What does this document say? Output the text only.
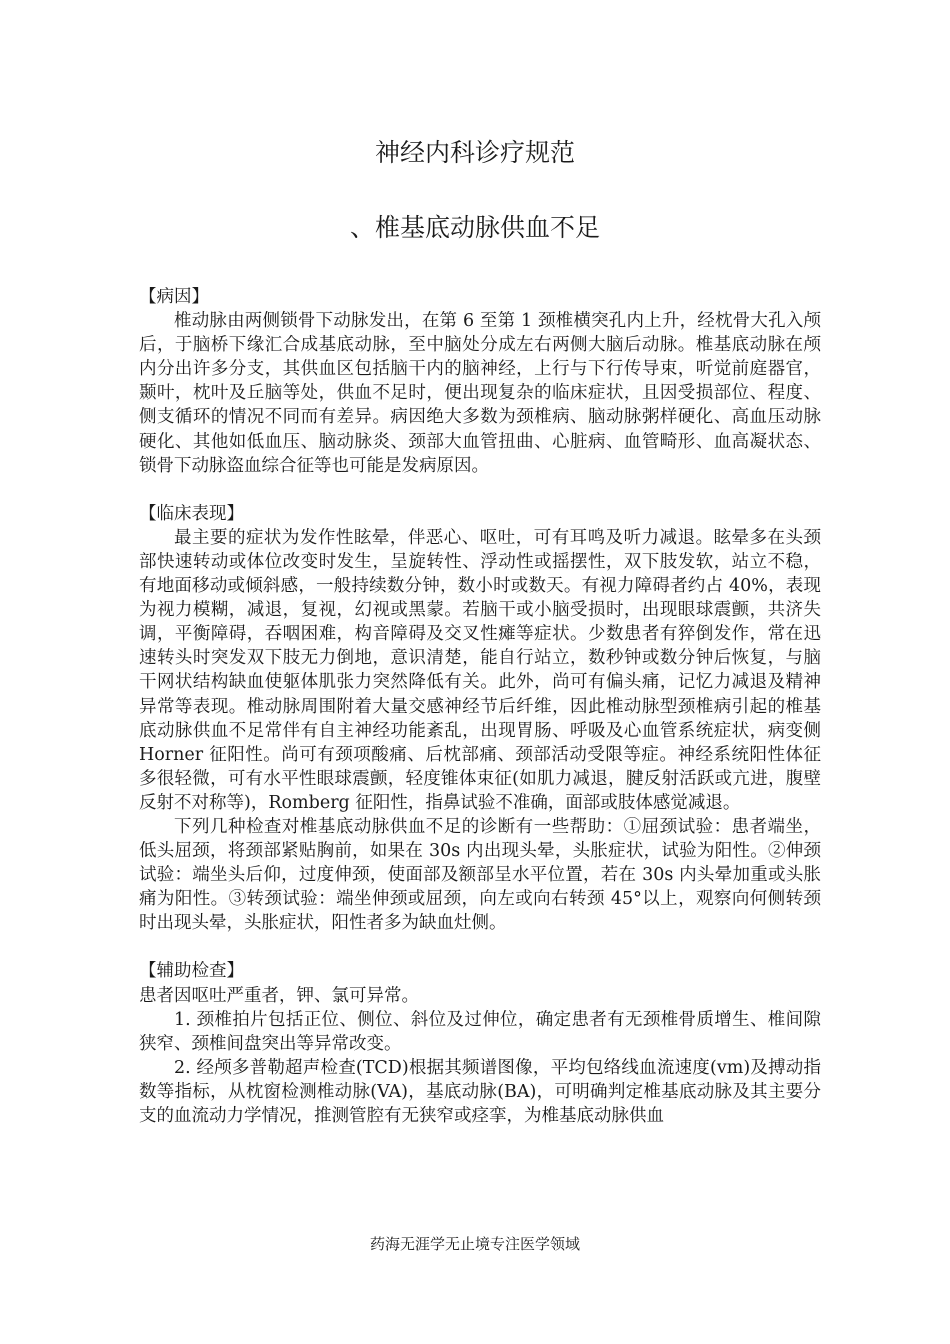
神经内科诊疗规范
、椎基底动脉供血不足

【病因】

椎动脉由两侧锁骨下动脉发出，在第 6 至第 1 颈椎横突孔内上升，经枕骨大孔入颅后，于脑桥下缘汇合成基底动脉，至中脑处分成左右两侧大脑后动脉。椎基底动脉在颅内分出许多分支，其供血区包括脑干内的脑神经，上行与下行传导束，听觉前庭器官，颞叶，枕叶及丘脑等处，供血不足时，便出现复杂的临床症状，且因受损部位、程度、侧支循环的情况不同而有差异。病因绝大多数为颈椎病、脑动脉粥样硬化、高血压动脉硬化、其他如低血压、脑动脉炎、颈部大血管扭曲、心脏病、血管畸形、血高凝状态、锁骨下动脉盗血综合征等也可能是发病原因。

【临床表现】

最主要的症状为发作性眩晕，伴恶心、呕吐，可有耳鸣及听力减退。眩晕多在头颈部快速转动或体位改变时发生，呈旋转性、浮动性或摇摆性，双下肢发软，站立不稳，有地面移动或倾斜感，一般持续数分钟，数小时或数天。有视力障碍者约占 40%，表现为视力模糊，减退，复视，幻视或黑蒙。若脑干或小脑受损时，出现眼球震颤，共济失调，平衡障碍，吞咽困难，构音障碍及交叉性瘫等症状。少数患者有猝倒发作，常在迅速转头时突发双下肢无力倒地，意识清楚，能自行站立，数秒钟或数分钟后恢复，与脑干网状结构缺血使躯体肌张力突然降低有关。此外，尚可有偏头痛，记忆力减退及精神异常等表现。椎动脉周围附着大量交感神经节后纤维，因此椎动脉型颈椎病引起的椎基底动脉供血不足常伴有自主神经功能紊乱，出现胃肠、呼吸及心血管系统症状，病变侧 Horner 征阳性。尚可有颈项酸痛、后枕部痛、颈部活动受限等症。神经系统阳性体征多很轻微，可有水平性眼球震颤，轻度锥体束征(如肌力减退，腱反射活跃或亢进，腹壁反射不对称等)，Romberg 征阳性，指鼻试验不准确，面部或肢体感觉减退。

下列几种检查对椎基底动脉供血不足的诊断有一些帮助：①屈颈试验：患者端坐，低头屈颈，将颈部紧贴胸前，如果在 30s 内出现头晕，头胀症状，试验为阳性。②伸颈试验：端坐头后仰，过度伸颈，使面部及额部呈水平位置，若在 30s 内头晕加重或头胀痛为阳性。③转颈试验：端坐伸颈或屈颈，向左或向右转颈 45°以上，观察向何侧转颈时出现头晕，头胀症状，阳性者多为缺血灶侧。

【辅助检查】

患者因呕吐严重者，钾、氯可异常。

1. 颈椎拍片包括正位、侧位、斜位及过伸位，确定患者有无颈椎骨质增生、椎间隙狭窄、颈椎间盘突出等异常改变。

2. 经颅多普勒超声检查(TCD)根据其频谱图像，平均包络线血流速度(vm)及搏动指数等指标，从枕窗检测椎动脉(VA)，基底动脉(BA)，可明确判定椎基底动脉及其主要分支的血流动力学情况，推测管腔有无狭窄或痉挛，为椎基底动脉供血

药海无涯学无止境专注医学领域
